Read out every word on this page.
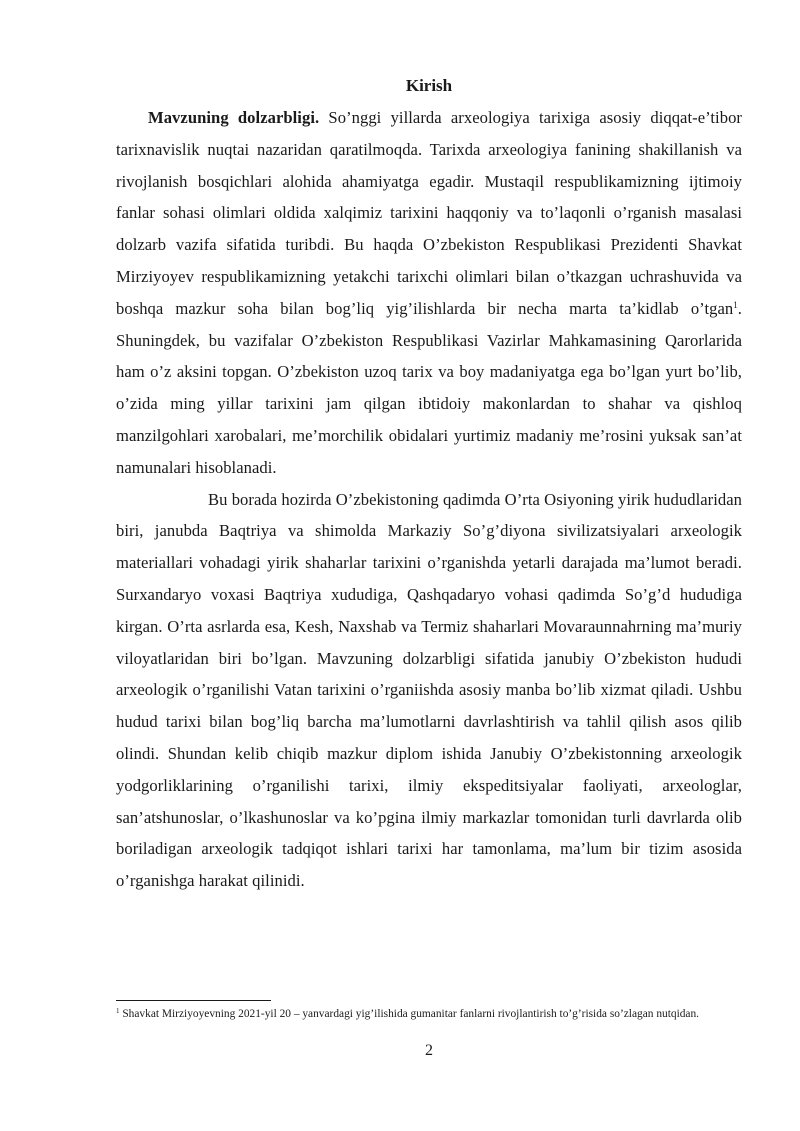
Kirish

Mavzuning dolzarbligi. So’nggi yillarda arxeologiya tarixiga asosiy diqqat-e’tibor tarixnavislik nuqtai nazaridan qaratilmoqda. Tarixda arxeologiya fanining shakillanish va rivojlanish bosqichlari alohida ahamiyatga egadir. Mustaqil respublikamizning ijtimoiy fanlar sohasi olimlari oldida xalqimiz tarixini haqqoniy va to’laqonli o’rganish masalasi dolzarb vazifa sifatida turibdi. Bu haqda O’zbekiston Respublikasi Prezidenti Shavkat Mirziyoyev respublikamizning yetakchi tarixchi olimlari bilan o’tkazgan uchrashuvida va boshqa mazkur soha bilan bog’liq yig’ilishlarda bir necha marta ta’kidlab o’tgan$^1$. Shuningdek, bu vazifalar O’zbekiston Respublikasi Vazirlar Mahkamasining Qarorlarida ham o’z aksini topgan. O’zbekiston uzoq tarix va boy madaniyatga ega bo’lgan yurt bo’lib, o’zida ming yillar tarixini jam qilgan ibtidoiy makonlardan to shahar va qishloq manzilgohlari xarobalari, me’morchilik obidalari yurtimiz madaniy me’rosini yuksak san’at namunalari hisoblanadi.

Bu borada hozirda O’zbekistoning qadimda O’rta Osiyoning yirik hududlaridan biri, janubda Baqtriya va shimolda Markaziy So’g’diyona sivilizatsiyalari arxeologik materiallari vohadagi yirik shaharlar tarixini o’rganishda yetarli darajada ma’lumot beradi. Surxandaryo voxasi Baqtriya xududiga, Qashqadaryo vohasi qadimda So’g’d hududiga kirgan. O’rta asrlarda esa, Kesh, Naxshab va Termiz shaharlari Movaraunnahrning ma’muriy viloyatlaridan biri bo’lgan. Mavzuning dolzarbligi sifatida janubiy O’zbekiston hududi arxeologik o’rganilishi Vatan tarixini o’rganiishda asosiy manba bo’lib xizmat qiladi. Ushbu hudud tarixi bilan bog’liq barcha ma’lumotlarni davrlashtirish va tahlil qilish asos qilib olindi. Shundan kelib chiqib mazkur diplom ishida Janubiy O’zbekistonning arxeologik yodgorliklarining o’rganilishi tarixi, ilmiy ekspeditsiyalar faoliyati, arxeologlar, san’atshunoslar, o’lkashunoslar va ko’pgina ilmiy markazlar tomonidan turli davrlarda olib boriladigan arxeologik tadqiqot ishlari tarixi har tamonlama, ma’lum bir tizim asosida o’rganishga harakat qilinidi.

$^1$ Shavkat Mirziyoyevning 2021-yil 20 – yanvardagi yig’ilishida gumanitar fanlarni rivojlantirish to’g’risida so’zlagan nutqidan.
2
